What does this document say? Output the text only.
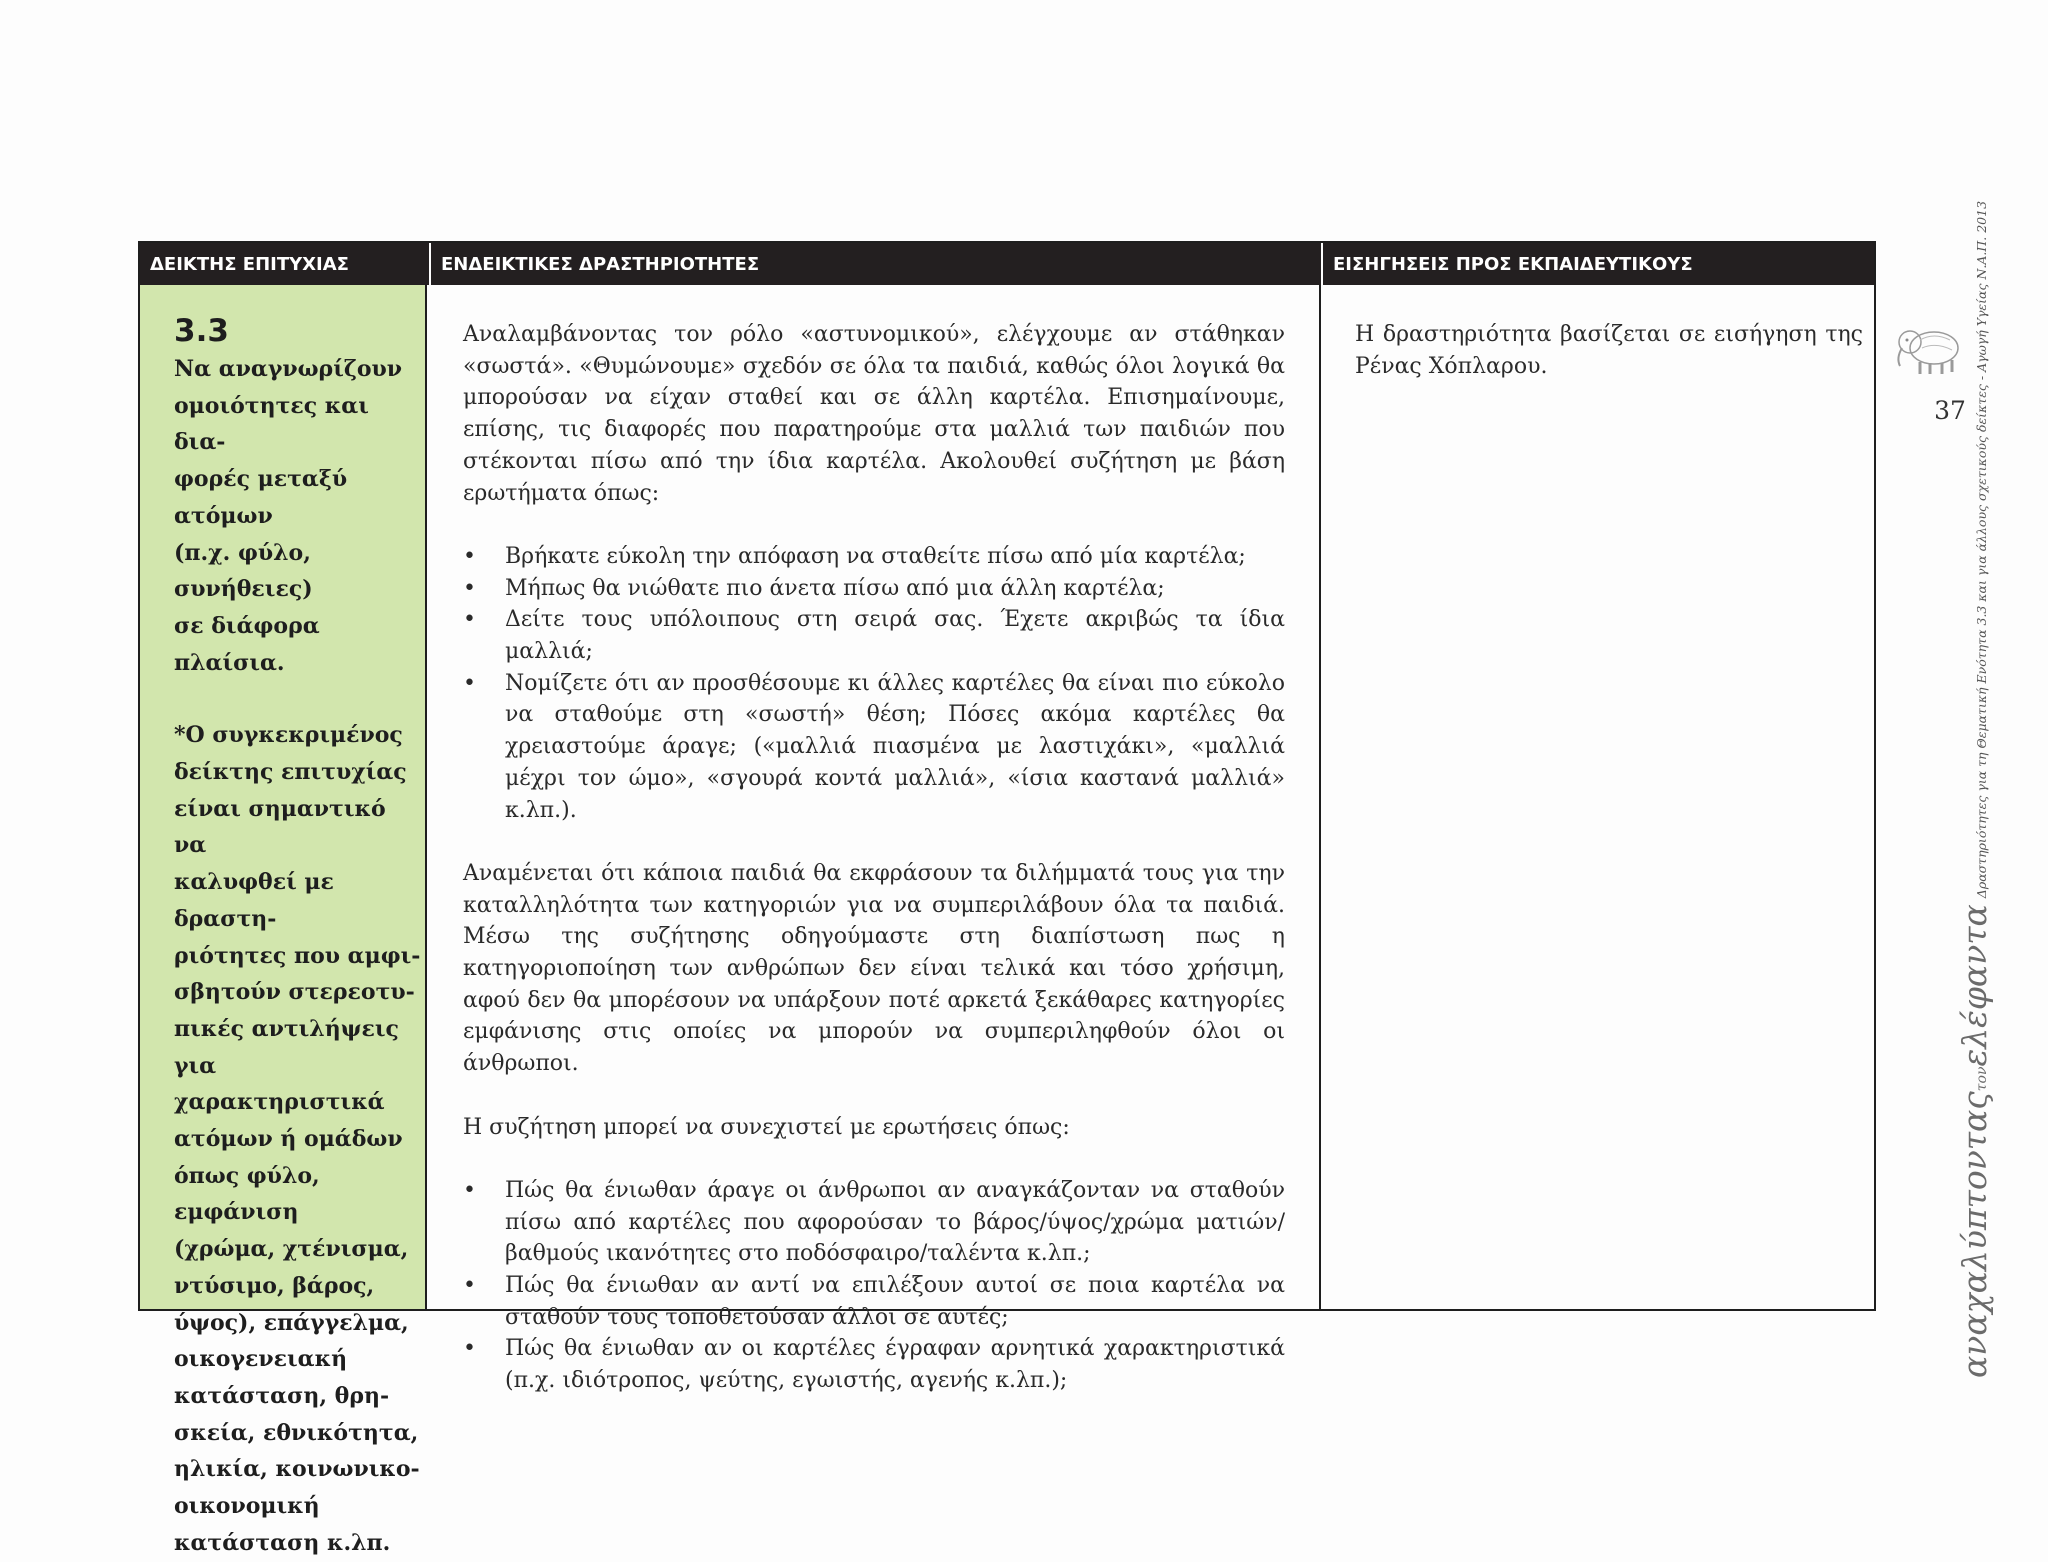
ΔΕΙΚΤΗΣ ΕΠΙΤΥΧΙΑΣ	ΕΝΔΕΙΚΤΙΚΕΣ ΔΡΑΣΤΗΡΙΟΤΗΤΕΣ	ΕΙΣΗΓΗΣΕΙΣ ΠΡΟΣ ΕΚΠΑΙΔΕΥΤΙΚΟΥΣ
3.3
Να αναγνωρίζουν
ομοιότητες και δια-
φορές μεταξύ ατόμων
(π.χ. φύλο, συνήθειες)
σε διάφορα πλαίσια.
*Ο συγκεκριμένος
δείκτης επιτυχίας
είναι σημαντικό να
καλυφθεί με δραστη-
ριότητες που αμφι-
σβητούν στερεοτυ-
πικές αντιλήψεις για
χαρακτηριστικά
ατόμων ή ομάδων
όπως φύλο, εμφάνιση
(χρώμα, χτένισμα,
ντύσιμο, βάρος,
ύψος), επάγγελμα,
οικογενειακή
κατάσταση, θρη-
σκεία, εθνικότητα,
ηλικία, κοινωνικο-
οικονομική
κατάσταση κ.λπ.

Αναλαμβάνοντας τον ρόλο «αστυνομικού», ελέγχουμε αν στάθηκαν «σωστά». «Θυμώνουμε» σχεδόν σε όλα τα παιδιά, καθώς όλοι λογικά θα μπορούσαν να είχαν σταθεί και σε άλλη καρτέλα. Επισημαίνουμε, επίσης, τις διαφορές που παρατηρούμε στα μαλλιά των παιδιών που στέκονται πίσω από την ίδια καρτέλα. Ακολουθεί συζήτηση με βάση ερωτήματα όπως:

• Βρήκατε εύκολη την απόφαση να σταθείτε πίσω από μία καρτέλα;
• Μήπως θα νιώθατε πιο άνετα πίσω από μια άλλη καρτέλα;
• Δείτε τους υπόλοιπους στη σειρά σας. Έχετε ακριβώς τα ίδια μαλλιά;
• Νομίζετε ότι αν προσθέσουμε κι άλλες καρτέλες θα είναι πιο εύκολο να σταθούμε στη «σωστή» θέση; Πόσες ακόμα καρτέλες θα χρειαστούμε άραγε; («μαλλιά πιασμένα με λαστιχάκι», «μαλλιά μέχρι τον ώμο», «σγουρά κοντά μαλλιά», «ίσια καστανά μαλλιά» κ.λπ.).

Αναμένεται ότι κάποια παιδιά θα εκφράσουν τα διλήμματά τους για την καταλληλότητα των κατηγοριών για να συμπεριλάβουν όλα τα παιδιά. Μέσω της συζήτησης οδηγούμαστε στη διαπίστωση πως η κατηγοριοποίηση των ανθρώπων δεν είναι τελικά και τόσο χρήσιμη, αφού δεν θα μπορέσουν να υπάρξουν ποτέ αρκετά ξεκάθαρες κατηγορίες εμφάνισης στις οποίες να μπορούν να συμπεριληφθούν όλοι οι άνθρωποι.

Η συζήτηση μπορεί να συνεχιστεί με ερωτήσεις όπως:

• Πώς θα ένιωθαν άραγε οι άνθρωποι αν αναγκάζονταν να σταθούν πίσω από καρτέλες που αφορούσαν το βάρος/ύψος/χρώμα ματιών/βαθμούς ικανότητες στο ποδόσφαιρο/ταλέντα κ.λπ.;
• Πώς θα ένιωθαν αν αντί να επιλέξουν αυτοί σε ποια καρτέλα να σταθούν τους τοποθετούσαν άλλοι σε αυτές;
• Πώς θα ένιωθαν αν οι καρτέλες έγραφαν αρνητικά χαρακτηριστικά (π.χ. ιδιότροπος, ψεύτης, εγωιστής, αγενής κ.λπ.);
Η δραστηριότητα βασίζεται σε εισήγηση της Ρένας Χόπλαρου.
37
αναχαλύπτονταςτονελέφανταΔραστηριότητες για τη Θεματική Ενότητα 3.3 και για άλλους σχετικούς δείκτες - Αγωγή Υγείας Ν.Α.Π. 2013
